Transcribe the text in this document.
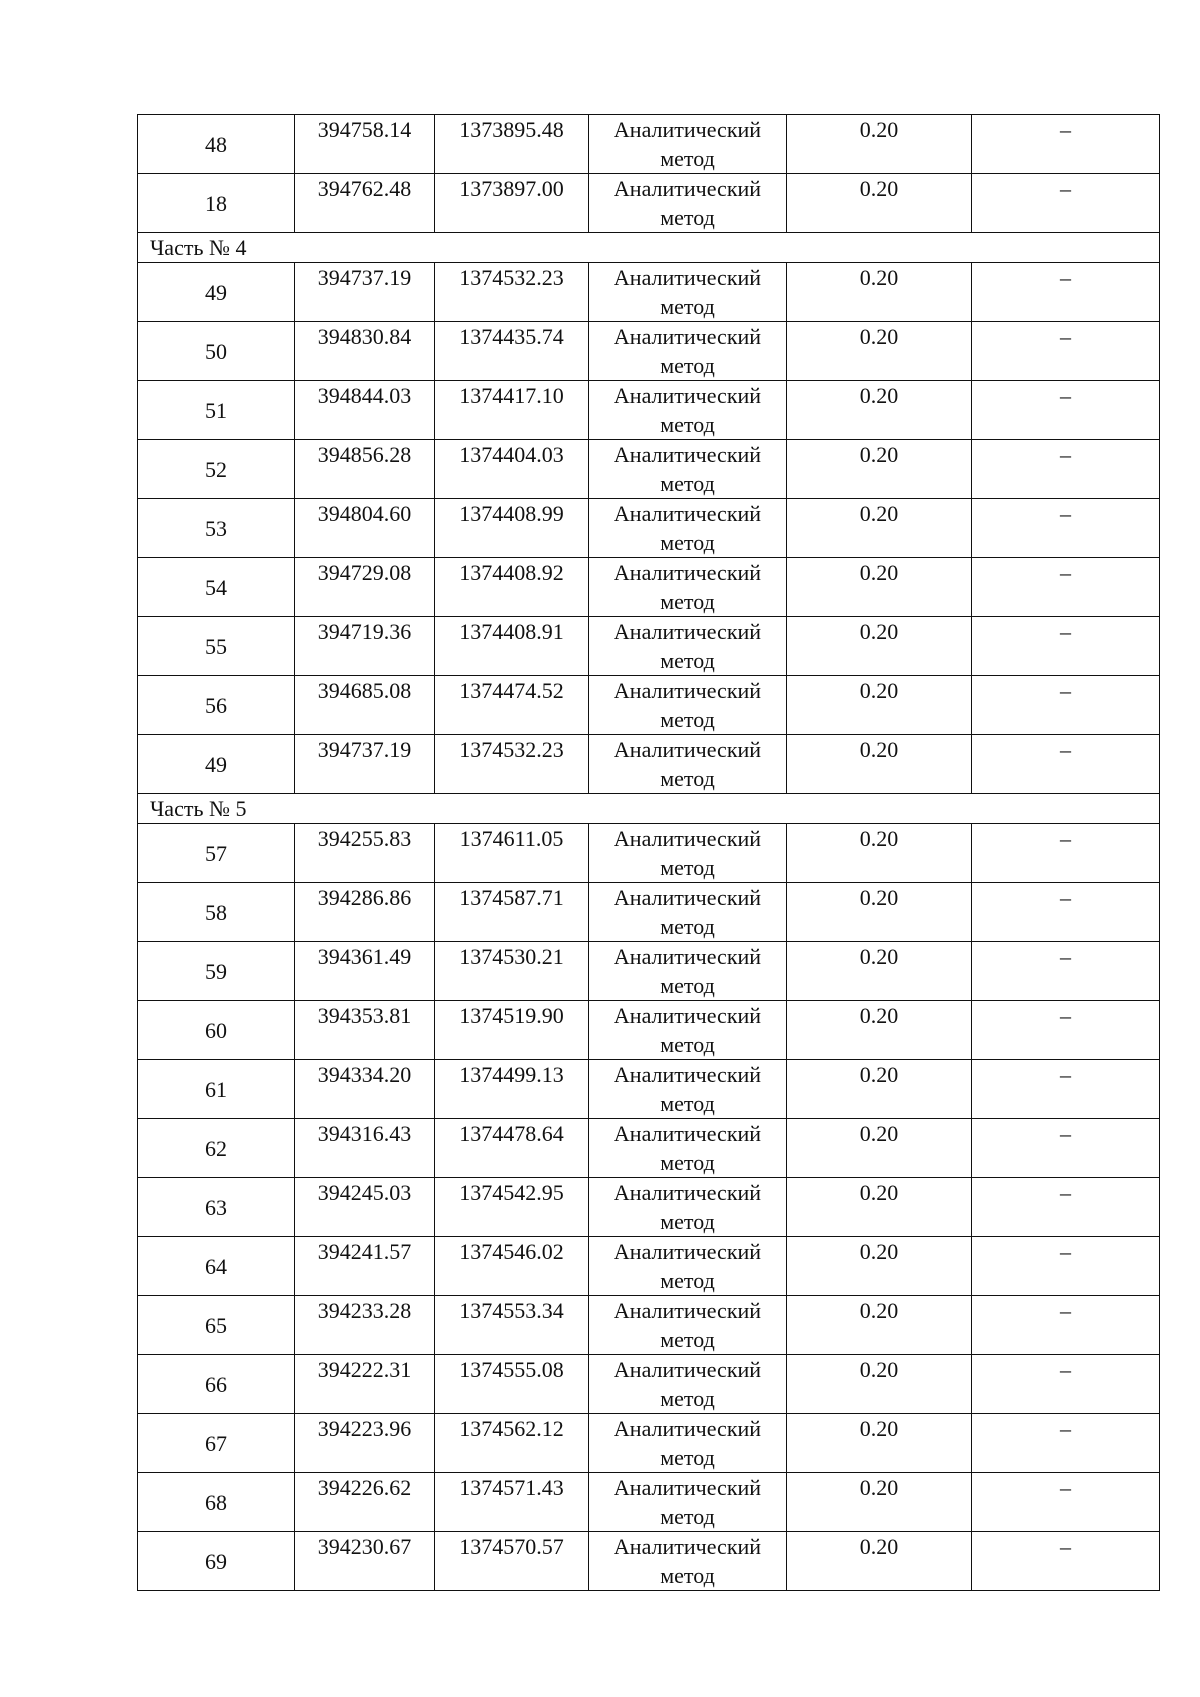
48	394758.14	1373895.48	Аналитический метод	0.20	–
18	394762.48	1373897.00	Аналитический метод	0.20	–
Часть № 4					
49	394737.19	1374532.23	Аналитический метод	0.20	–
50	394830.84	1374435.74	Аналитический метод	0.20	–
51	394844.03	1374417.10	Аналитический метод	0.20	–
52	394856.28	1374404.03	Аналитический метод	0.20	–
53	394804.60	1374408.99	Аналитический метод	0.20	–
54	394729.08	1374408.92	Аналитический метод	0.20	–
55	394719.36	1374408.91	Аналитический метод	0.20	–
56	394685.08	1374474.52	Аналитический метод	0.20	–
49	394737.19	1374532.23	Аналитический метод	0.20	–
Часть № 5					
57	394255.83	1374611.05	Аналитический метод	0.20	–
58	394286.86	1374587.71	Аналитический метод	0.20	–
59	394361.49	1374530.21	Аналитический метод	0.20	–
60	394353.81	1374519.90	Аналитический метод	0.20	–
61	394334.20	1374499.13	Аналитический метод	0.20	–
62	394316.43	1374478.64	Аналитический метод	0.20	–
63	394245.03	1374542.95	Аналитический метод	0.20	–
64	394241.57	1374546.02	Аналитический метод	0.20	–
65	394233.28	1374553.34	Аналитический метод	0.20	–
66	394222.31	1374555.08	Аналитический метод	0.20	–
67	394223.96	1374562.12	Аналитический метод	0.20	–
68	394226.62	1374571.43	Аналитический метод	0.20	–
69	394230.67	1374570.57	Аналитический метод	0.20	–
